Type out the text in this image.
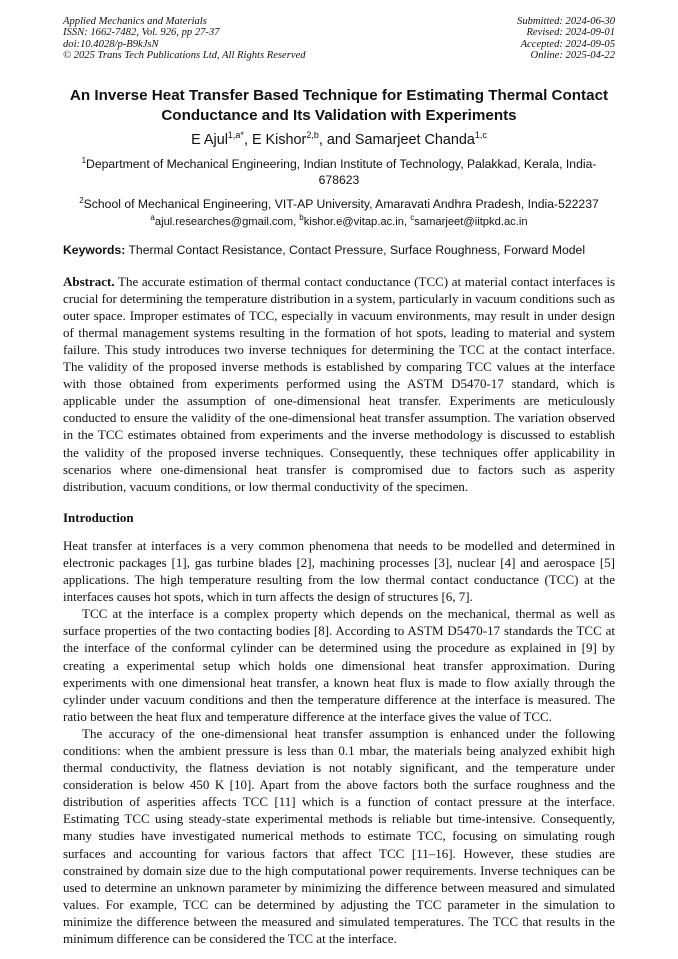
Applied Mechanics and Materials
ISSN: 1662-7482, Vol. 926, pp 27-37
doi:10.4028/p-B9kJsN
© 2025 Trans Tech Publications Ltd, All Rights Reserved
Submitted: 2024-06-30
Revised: 2024-09-01
Accepted: 2024-09-05
Online: 2025-04-22
An Inverse Heat Transfer Based Technique for Estimating Thermal Contact Conductance and Its Validation with Experiments
E Ajul$^{1,a*}$, E Kishor$^{2,b}$, and Samarjeet Chanda$^{1,c}$
$^1$Department of Mechanical Engineering, Indian Institute of Technology, Palakkad, Kerala, India-678623
$^2$School of Mechanical Engineering, VIT-AP University, Amaravati Andhra Pradesh, India-522237
$^a$ajul.researches@gmail.com, $^b$kishor.e@vitap.ac.in, $^c$samarjeet@iitpkd.ac.in
Keywords: Thermal Contact Resistance, Contact Pressure, Surface Roughness, Forward Model
Abstract. The accurate estimation of thermal contact conductance (TCC) at material contact interfaces is crucial for determining the temperature distribution in a system, particularly in vacuum conditions such as outer space. Improper estimates of TCC, especially in vacuum environments, may result in under design of thermal management systems resulting in the formation of hot spots, leading to material and system failure. This study introduces two inverse techniques for determining the TCC at the contact interface. The validity of the proposed inverse methods is established by comparing TCC values at the interface with those obtained from experiments performed using the ASTM D5470-17 standard, which is applicable under the assumption of one-dimensional heat transfer. Experiments are meticulously conducted to ensure the validity of the one-dimensional heat transfer assumption. The variation observed in the TCC estimates obtained from experiments and the inverse methodology is discussed to establish the validity of the proposed inverse techniques. Consequently, these techniques offer applicability in scenarios where one-dimensional heat transfer is compromised due to factors such as asperity distribution, vacuum conditions, or low thermal conductivity of the specimen.
Introduction

Heat transfer at interfaces is a very common phenomena that needs to be modelled and determined in electronic packages [1], gas turbine blades [2], machining processes [3], nuclear [4] and aerospace [5] applications. The high temperature resulting from the low thermal contact conductance (TCC) at the interfaces causes hot spots, which in turn affects the design of structures [6, 7].

TCC at the interface is a complex property which depends on the mechanical, thermal as well as surface properties of the two contacting bodies [8]. According to ASTM D5470-17 standards the TCC at the interface of the conformal cylinder can be determined using the procedure as explained in [9] by creating a experimental setup which holds one dimensional heat transfer approximation. During experiments with one dimensional heat transfer, a known heat flux is made to flow axially through the cylinder under vacuum conditions and then the temperature difference at the interface is measured. The ratio between the heat flux and temperature difference at the interface gives the value of TCC.

The accuracy of the one-dimensional heat transfer assumption is enhanced under the following conditions: when the ambient pressure is less than 0.1 mbar, the materials being analyzed exhibit high thermal conductivity, the flatness deviation is not notably significant, and the temperature under consideration is below 450 K [10]. Apart from the above factors both the surface roughness and the distribution of asperities affects TCC [11] which is a function of contact pressure at the interface. Estimating TCC using steady-state experimental methods is reliable but time-intensive. Consequently, many studies have investigated numerical methods to estimate TCC, focusing on simulating rough surfaces and accounting for various factors that affect TCC [11–16]. However, these studies are constrained by domain size due to the high computational power requirements. Inverse techniques can be used to determine an unknown parameter by minimizing the difference between measured and simulated values. For example, TCC can be determined by adjusting the TCC parameter in the simulation to minimize the difference between the measured and simulated temperatures. The TCC that results in the minimum difference can be considered the TCC at the interface.
